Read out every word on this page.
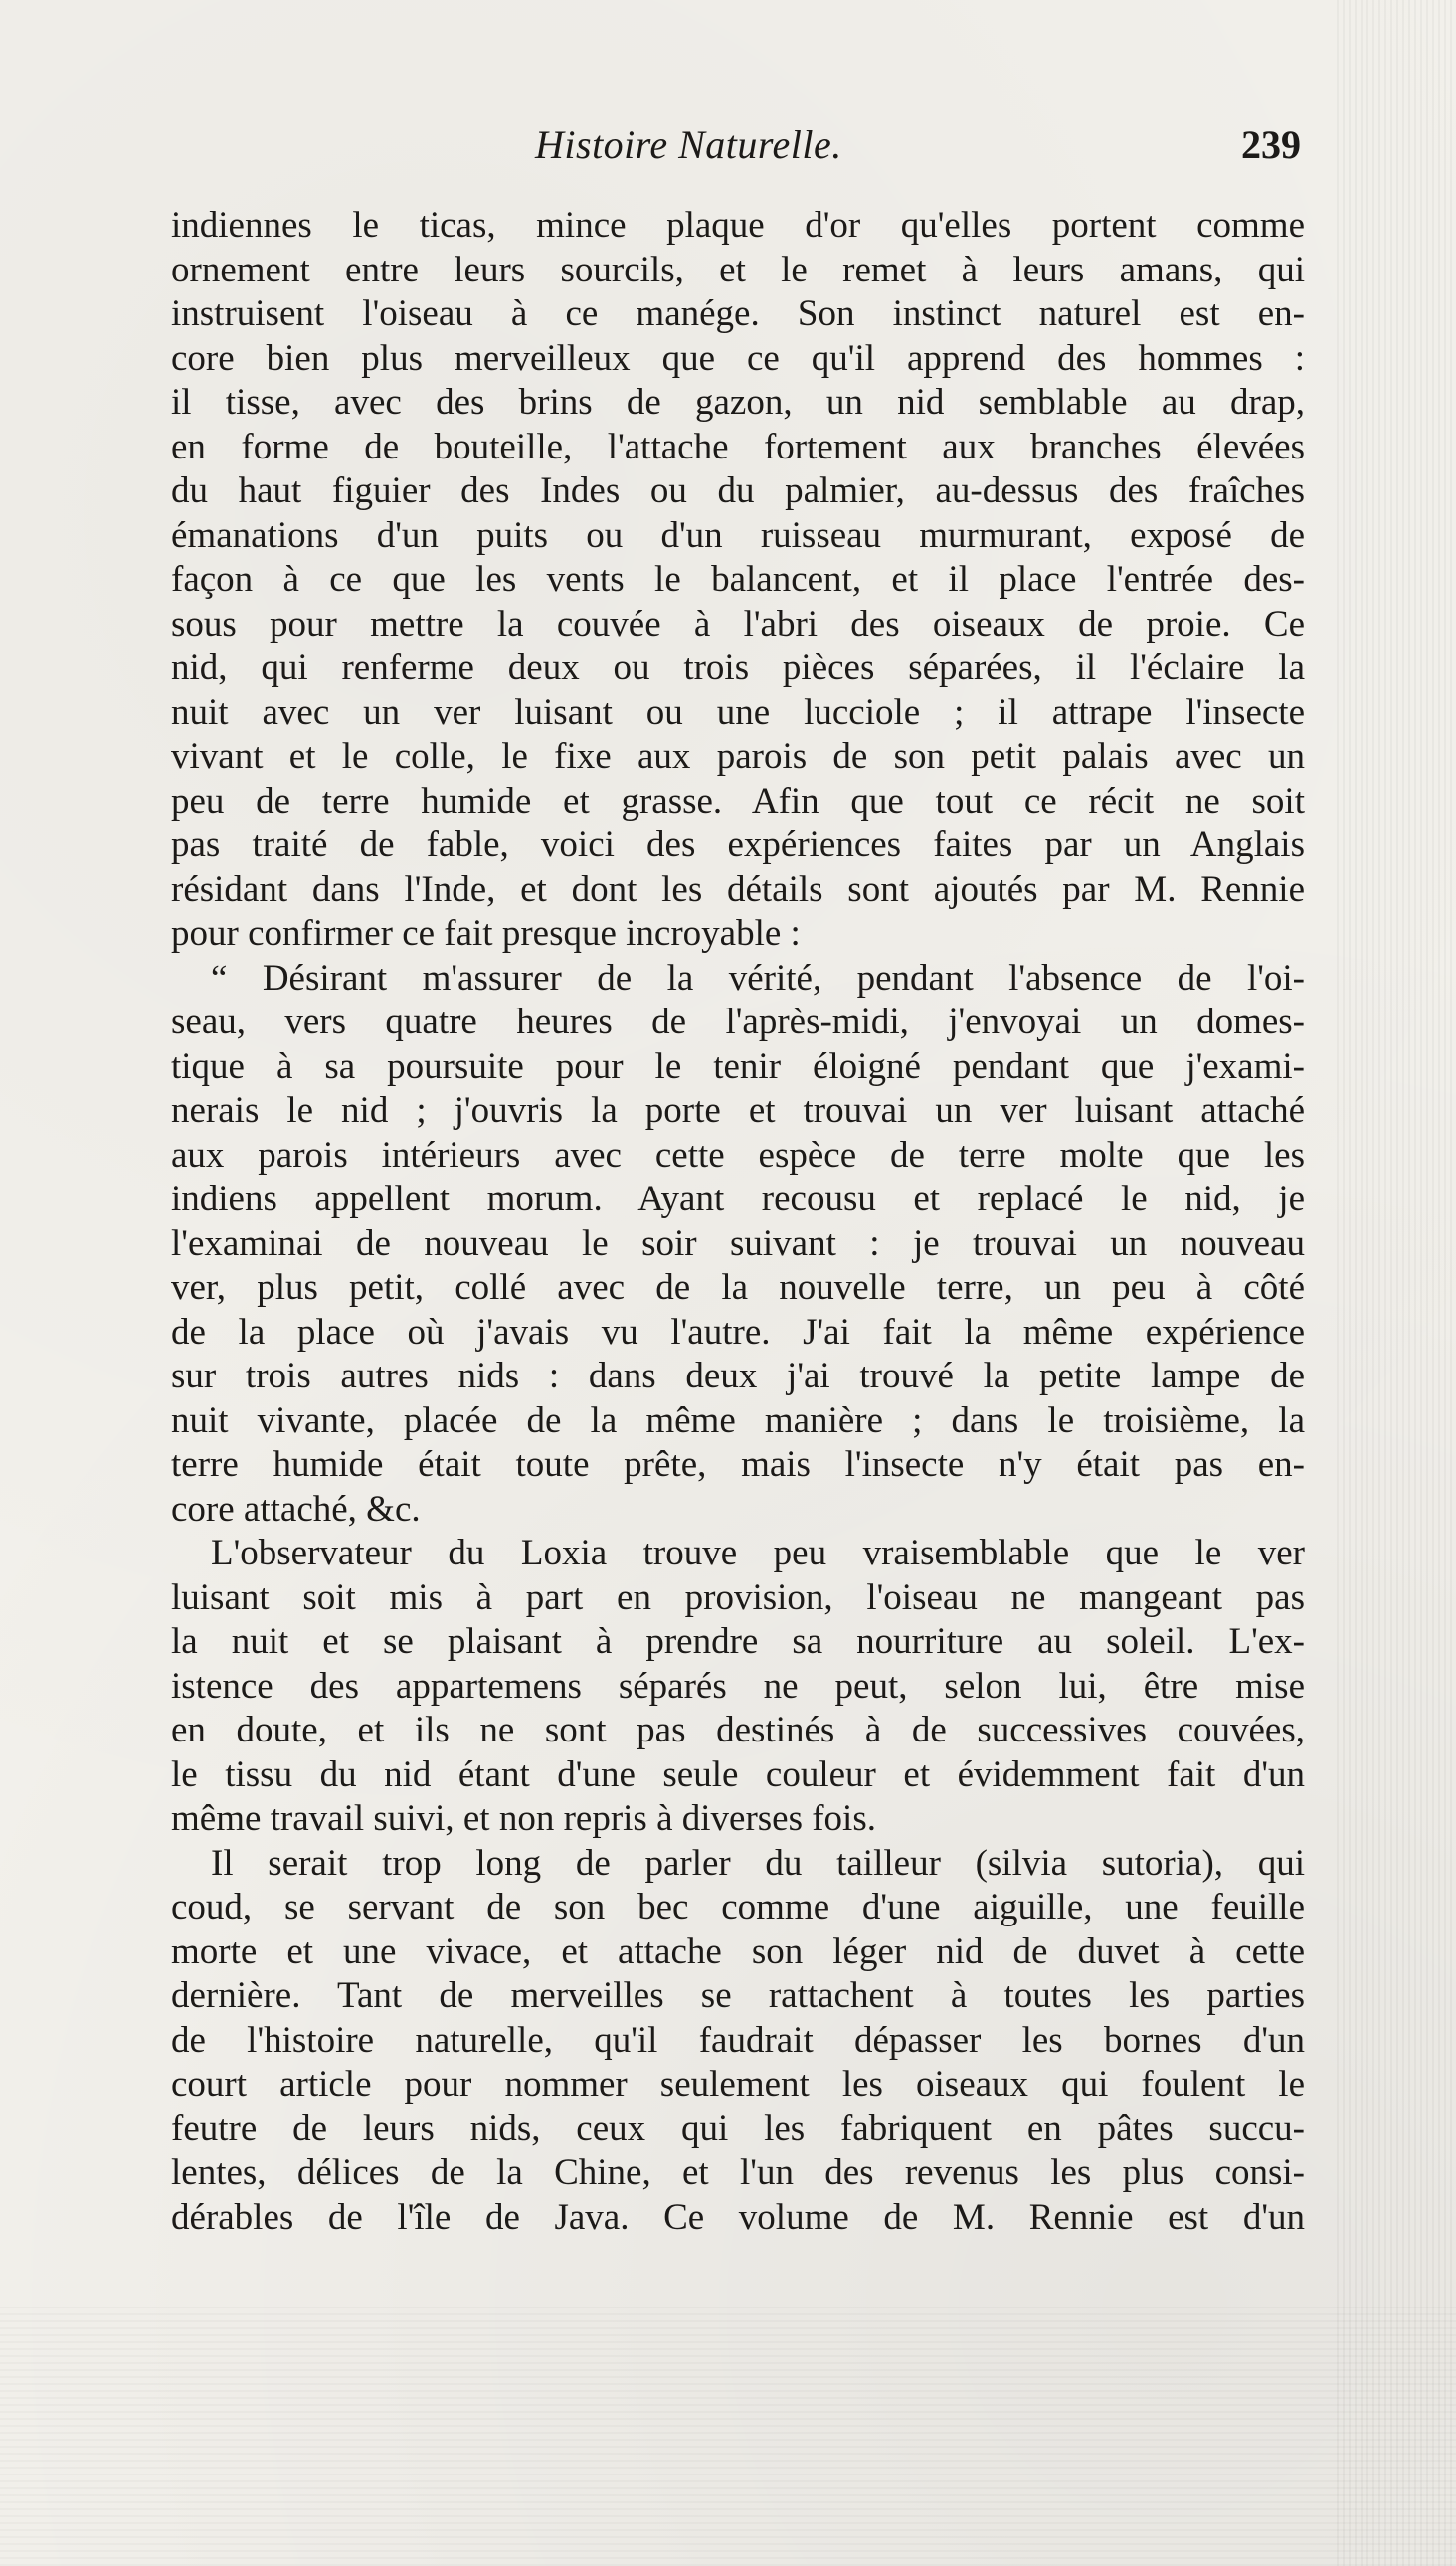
Histoire Naturelle.	239
indiennes le ticas, mince plaque d'or qu'elles portent comme
ornement entre leurs sourcils, et le remet à leurs amans, qui
instruisent l'oiseau à ce manége. Son instinct naturel est en-
core bien plus merveilleux que ce qu'il apprend des hommes :
il tisse, avec des brins de gazon, un nid semblable au drap,
en forme de bouteille, l'attache fortement aux branches élevées
du haut figuier des Indes ou du palmier, au-dessus des fraîches
émanations d'un puits ou d'un ruisseau murmurant, exposé de
façon à ce que les vents le balancent, et il place l'entrée des-
sous pour mettre la couvée à l'abri des oiseaux de proie. Ce
nid, qui renferme deux ou trois pièces séparées, il l'éclaire la
nuit avec un ver luisant ou une lucciole ; il attrape l'insecte
vivant et le colle, le fixe aux parois de son petit palais avec un
peu de terre humide et grasse. Afin que tout ce récit ne soit
pas traité de fable, voici des expériences faites par un Anglais
résidant dans l'Inde, et dont les détails sont ajoutés par M. Rennie
pour confirmer ce fait presque incroyable :
“ Désirant m'assurer de la vérité, pendant l'absence de l'oi-
seau, vers quatre heures de l'après-midi, j'envoyai un domes-
tique à sa poursuite pour le tenir éloigné pendant que j'exami-
nerais le nid ; j'ouvris la porte et trouvai un ver luisant attaché
aux parois intérieurs avec cette espèce de terre molte que les
indiens appellent morum. Ayant recousu et replacé le nid, je
l'examinai de nouveau le soir suivant : je trouvai un nouveau
ver, plus petit, collé avec de la nouvelle terre, un peu à côté
de la place où j'avais vu l'autre. J'ai fait la même expérience
sur trois autres nids : dans deux j'ai trouvé la petite lampe de
nuit vivante, placée de la même manière ; dans le troisième, la
terre humide était toute prête, mais l'insecte n'y était pas en-
core attaché, &c.
L'observateur du Loxia trouve peu vraisemblable que le ver
luisant soit mis à part en provision, l'oiseau ne mangeant pas
la nuit et se plaisant à prendre sa nourriture au soleil. L'ex-
istence des appartemens séparés ne peut, selon lui, être mise
en doute, et ils ne sont pas destinés à de successives couvées,
le tissu du nid étant d'une seule couleur et évidemment fait d'un
même travail suivi, et non repris à diverses fois.
Il serait trop long de parler du tailleur (silvia sutoria), qui
coud, se servant de son bec comme d'une aiguille, une feuille
morte et une vivace, et attache son léger nid de duvet à cette
dernière. Tant de merveilles se rattachent à toutes les parties
de l'histoire naturelle, qu'il faudrait dépasser les bornes d'un
court article pour nommer seulement les oiseaux qui foulent le
feutre de leurs nids, ceux qui les fabriquent en pâtes succu-
lentes, délices de la Chine, et l'un des revenus les plus consi-
dérables de l'île de Java. Ce volume de M. Rennie est d'un
